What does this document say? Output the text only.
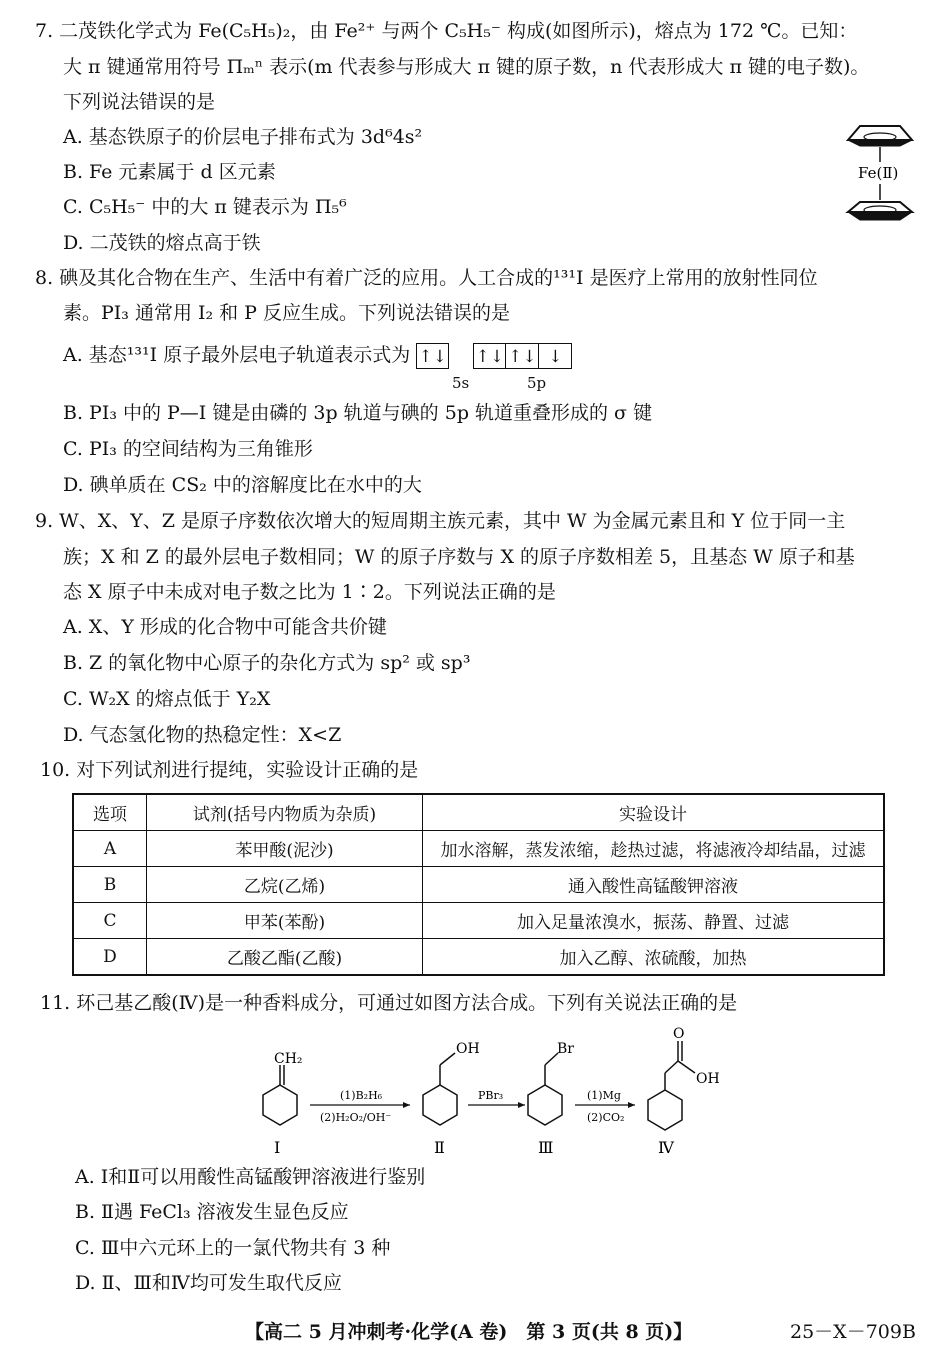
7. 二茂铁化学式为 Fe(C₅H₅)₂，由 Fe²⁺ 与两个 C₅H₅⁻ 构成(如图所示)，熔点为 172 ℃。已知：
大 π 键通常用符号 Πₘⁿ 表示(m 代表参与形成大 π 键的原子数，n 代表形成大 π 键的电子数)。
下列说法错误的是
A. 基态铁原子的价层电子排布式为 3d⁶4s²
B. Fe 元素属于 d 区元素
C. C₅H₅⁻ 中的大 π 键表示为 Π₅⁶
D. 二茂铁的熔点高于铁
Fe(Ⅱ)
8. 碘及其化合物在生产、生活中有着广泛的应用。人工合成的¹³¹I 是医疗上常用的放射性同位
素。PI₃ 通常用 I₂ 和 P 反应生成。下列说法错误的是
A. 基态¹³¹I 原子最外层电子轨道表示式为 ↑↓ ↑↓ ↑↓ ↓
5s	5p
B. PI₃ 中的 P—I 键是由磷的 3p 轨道与碘的 5p 轨道重叠形成的 σ 键
C. PI₃ 的空间结构为三角锥形
D. 碘单质在 CS₂ 中的溶解度比在水中的大
9. W、X、Y、Z 是原子序数依次增大的短周期主族元素，其中 W 为金属元素且和 Y 位于同一主
族；X 和 Z 的最外层电子数相同；W 的原子序数与 X 的原子序数相差 5，且基态 W 原子和基
态 X 原子中未成对电子数之比为 1∶2。下列说法正确的是
A. X、Y 形成的化合物中可能含共价键
B. Z 的氧化物中心原子的杂化方式为 sp² 或 sp³
C. W₂X 的熔点低于 Y₂X
D. 气态氢化物的热稳定性：X<Z
10. 对下列试剂进行提纯，实验设计正确的是
选项	试剂(括号内物质为杂质)	实验设计
A	苯甲酸(泥沙)	加水溶解，蒸发浓缩，趁热过滤，将滤液冷却结晶，过滤
B	乙烷(乙烯)	通入酸性高锰酸钾溶液
C	甲苯(苯酚)	加入足量浓溴水，振荡、静置、过滤
D	乙酸乙酯(乙酸)	加入乙醇、浓硫酸，加热
11. 环己基乙酸(Ⅳ)是一种香料成分，可通过如图方法合成。下列有关说法正确的是
CH₂
Ⅰ
(1)B₂H₆
(2)H₂O₂/OH⁻
OH
Ⅱ
PBr₃
Br
Ⅲ
(1)Mg
(2)CO₂
O
OH
Ⅳ
A. Ⅰ和Ⅱ可以用酸性高锰酸钾溶液进行鉴别
B. Ⅱ遇 FeCl₃ 溶液发生显色反应
C. Ⅲ中六元环上的一氯代物共有 3 种
D. Ⅱ、Ⅲ和Ⅳ均可发生取代反应
【高二 5 月冲刺考·化学(A 卷)　第 3 页(共 8 页)】	25－X－709B
